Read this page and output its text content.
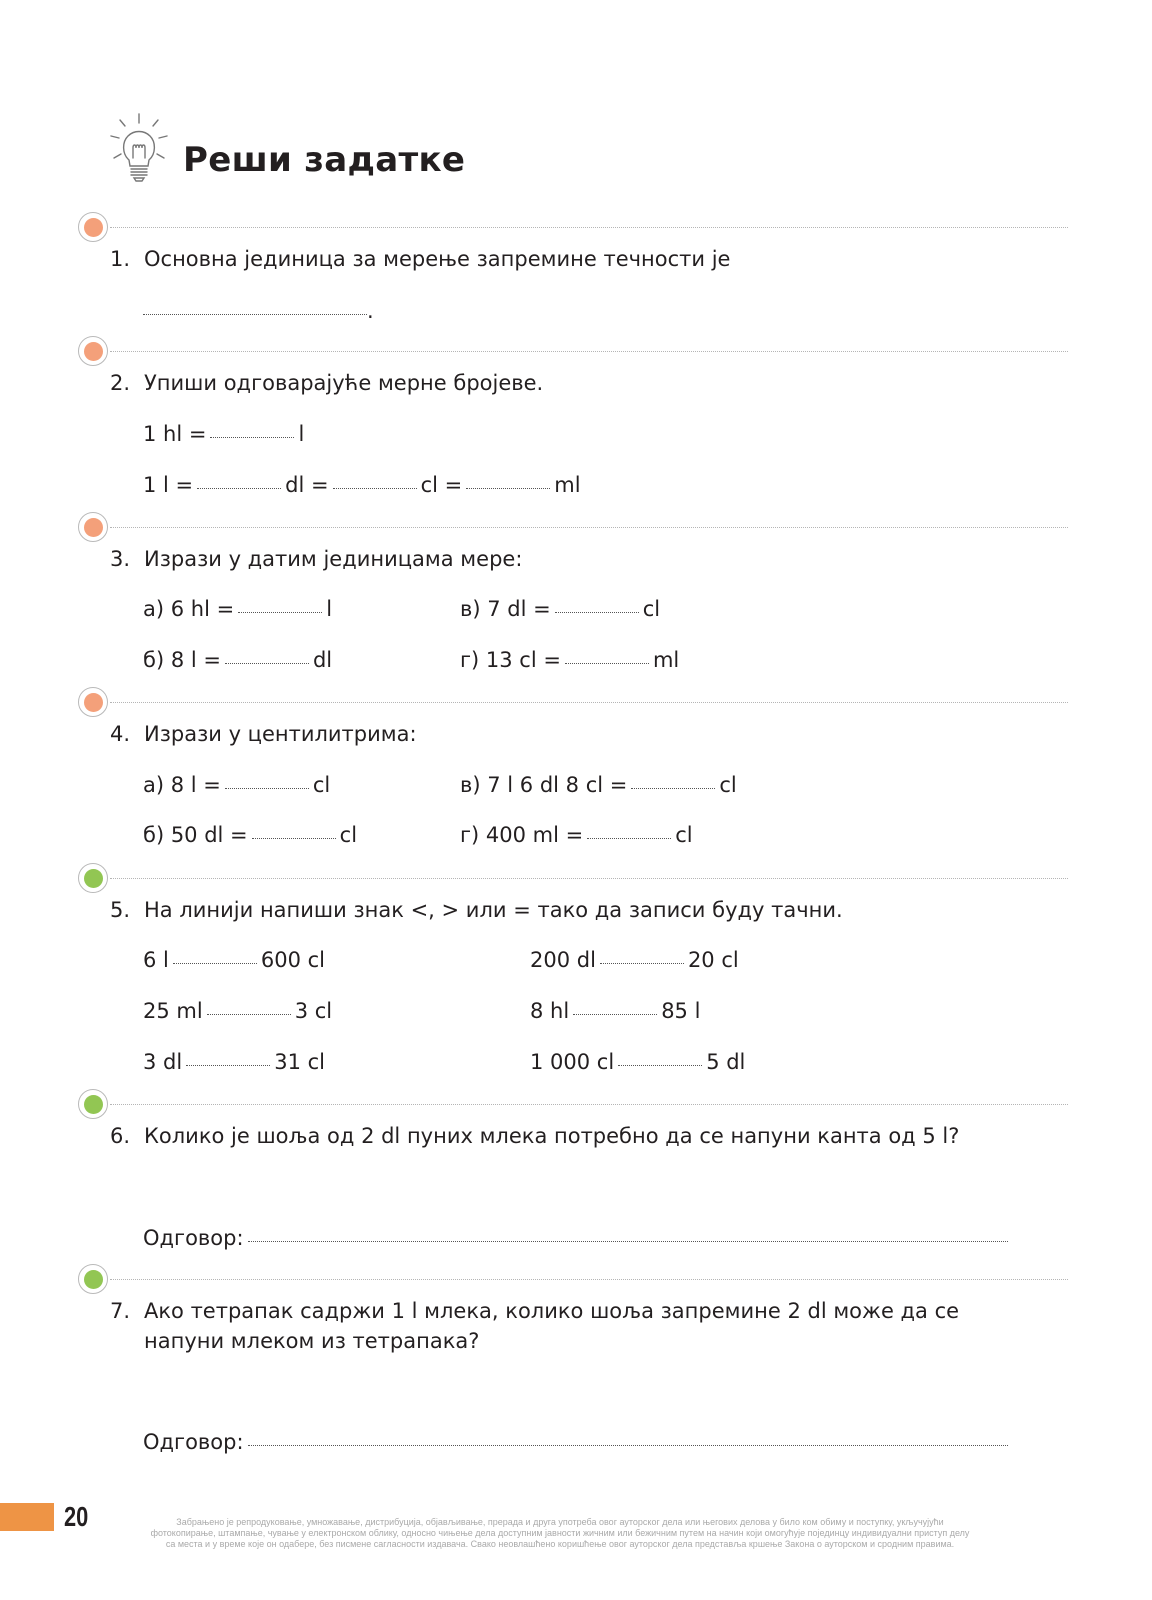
Реши задатке
1. Основна јединица за мерење запремине течности је
.
2. Упиши одговарајуће мерне бројеве.
1 hl =	l
1 l =	dl =	cl =	ml
3. Изрази у датим јединицама мере:
а) 6 hl =	l	в) 7 dl =	cl
б) 8 l =	dl	г) 13 cl =	ml
4. Изрази у центилитрима:
а) 8 l =	cl	в) 7 l 6 dl 8 cl =	cl
б) 50 dl =	cl	г) 400 ml =	cl
5. На линији напиши знак <, > или = тако да записи буду тачни.
6 l	600 cl	200 dl	20 cl
25 ml	3 cl	8 hl	85 l
3 dl	31 cl	1 000 cl	5 dl
6. Колико је шоља од 2 dl пуних млека потребно да се напуни канта од 5 l?
Одговор:
7. Ако тетрапак садржи 1 l млека, колико шоља запремине 2 dl може да се
напуни млеком из тетрапака?
Одговор:
20	Забрањено је репродуковање, умножавање, дистрибуција, објављивање, прерада и друга употреба овог ауторског дела или његових делова у било ком обиму и поступку, укључујући
фотокопирање, штампање, чување у електронском облику, односно чињење дела доступним јавности жичним или бежичним путем на начин који омогућује појединцу индивидуални приступ делу
са места и у време које он одабере, без писмене сагласности издавача. Свако неовлашћено коришћење овог ауторског дела представља кршење Закона о ауторском и сродним правима.
